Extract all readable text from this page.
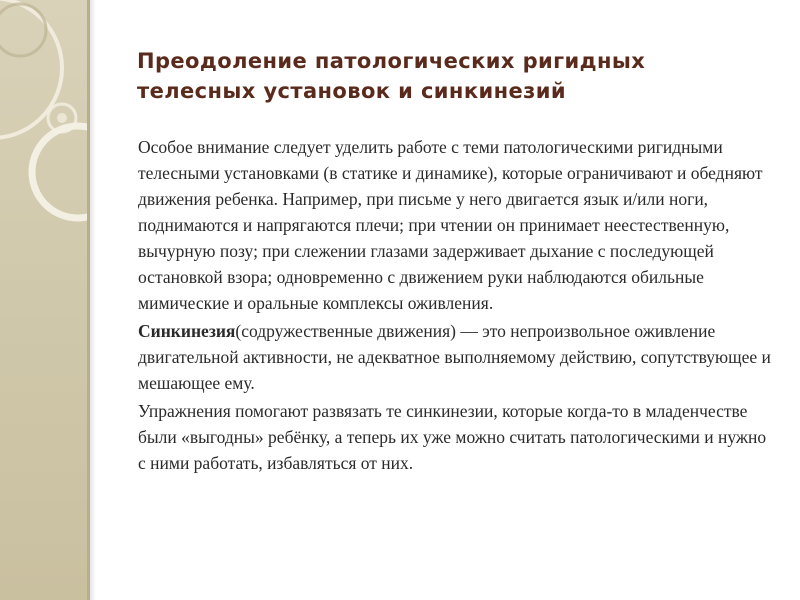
Преодоление патологических ригидных
телесных установок и синкинезий

Особое внимание следует уделить работе с теми патологическими ригидными телесными установками (в статике и динамике), которые ограничивают и обедняют движения ребенка. Например, при письме у него двигается язык и/или ноги, поднимаются и напрягаются плечи; при чтении он принимает неестественную, вычурную позу; при слежении глазами задерживает дыхание с последующей остановкой взора; одновременно с движением руки наблюдаются обильные мимические и оральные комплексы оживления.

Синкинезия(содружественные движения) — это непроизвольное оживление двигательной активности, не адекватное выполняемому действию, сопутствующее и мешающее ему.

Упражнения помогают развязать те синкинезии, которые когда-то в младенчестве были «выгодны» ребёнку, а теперь их уже можно считать патологическими и нужно с ними работать, избавляться от них.
